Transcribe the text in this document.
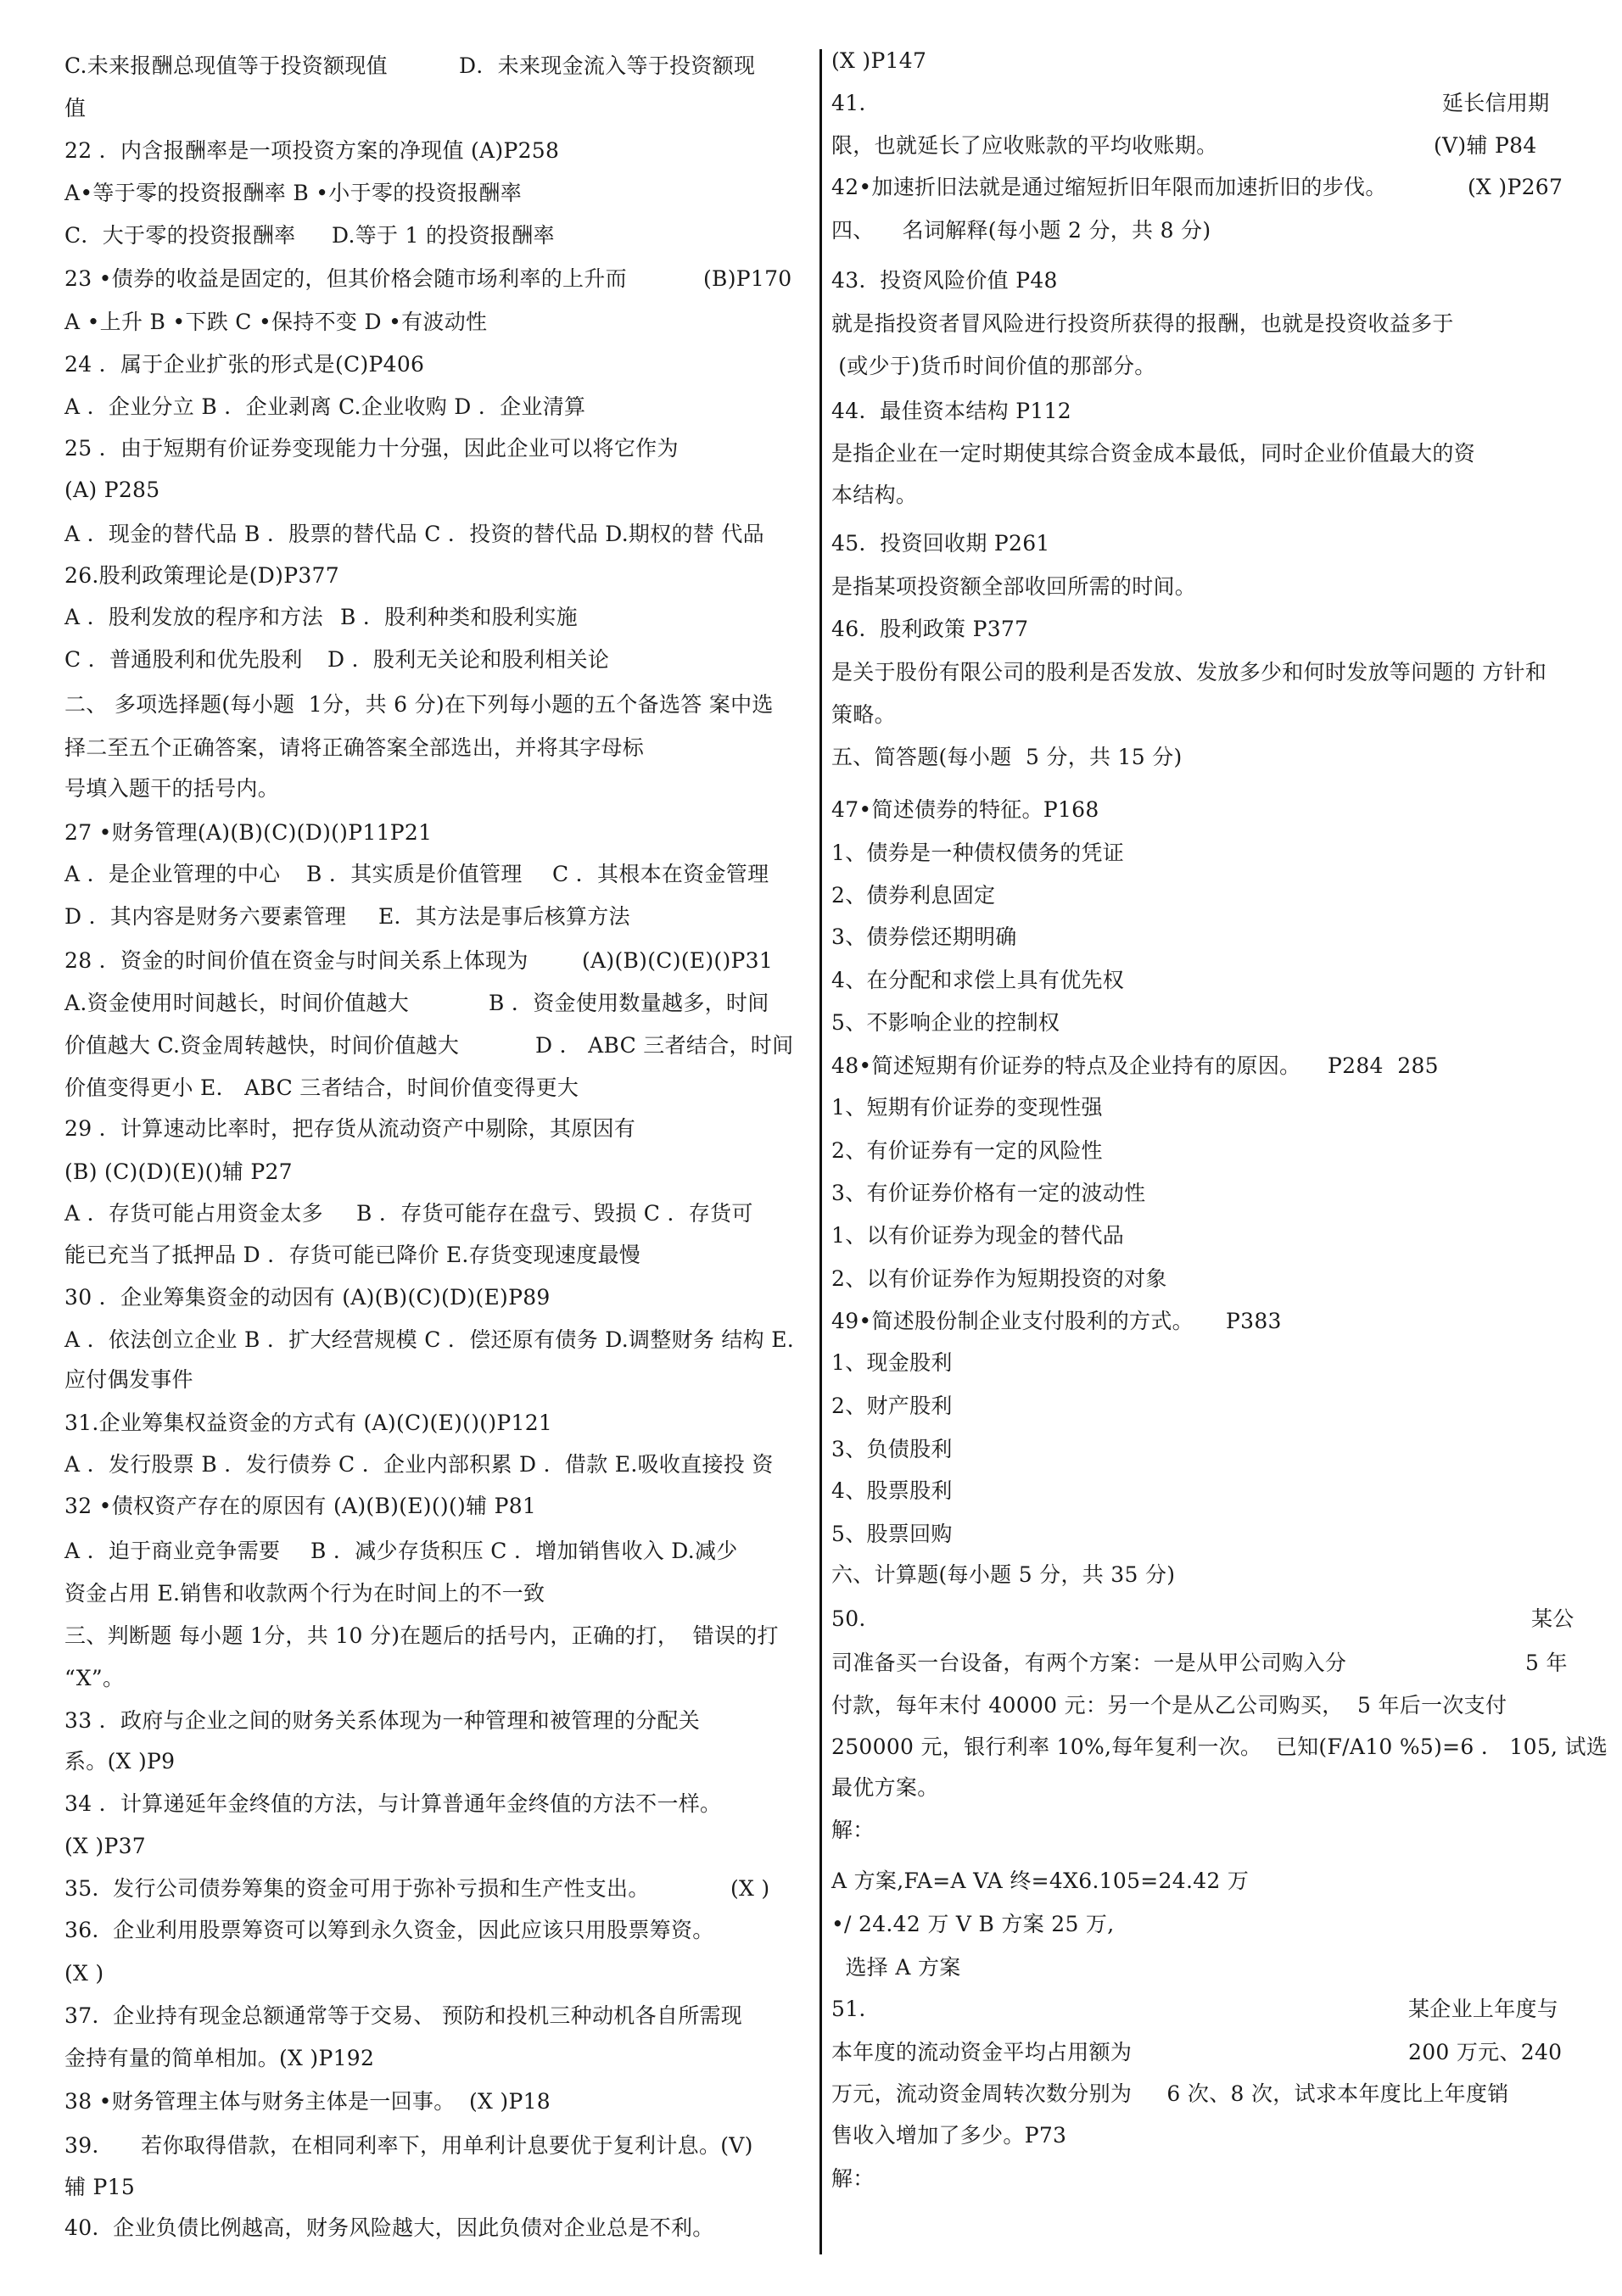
C.未来报酬总现值等于投资额现值	D．未来现金流入等于投资额现
值
22 ．内含报酬率是一项投资方案的净现值 (A)P258
A•等于零的投资报酬率 B •小于零的投资报酬率
C．大于零的投资报酬率 D.等于 1 的投资报酬率
23 •债券的收益是固定的，但其价格会随市场利率的上升而	(B)P170
A •上升 B •下跌 C •保持不变 D •有波动性
24 ．属于企业扩张的形式是(C)P406
A ．企业分立 B ．企业剥离 C.企业收购 D ．企业清算
25 ．由于短期有价证券变现能力十分强，因此企业可以将它作为
(A) P285
A ．现金的替代品 B ．股票的替代品 C ．投资的替代品 D.期权的替 代品
26.股利政策理论是(D)P377
A ．股利发放的程序和方法 B ．股利种类和股利实施
C ．普通股利和优先股利 D ．股利无关论和股利相关论
二、 多项选择题(每小题  1分，共 6 分)在下列每小题的五个备选答 案中选
择二至五个正确答案，请将正确答案全部选出，并将其字母标
号填入题干的括号内。
27 •财务管理(A)(B)(C)(D)()P11P21
A ．是企业管理的中心 B ．其实质是价值管理 C ．其根本在资金管理
D ．其内容是财务六要素管理 E．其方法是事后核算方法
28 ．资金的时间价值在资金与时间关系上体现为	(A)(B)(C)(E)()P31
A.资金使用时间越长，时间价值越大	B ．资金使用数量越多，时间
价值越大 C.资金周转越快，时间价值越大	D ． ABC 三者结合，时间
价值变得更小 E． ABC 三者结合，时间价值变得更大
29 ．计算速动比率时，把存货从流动资产中剔除，其原因有
(B) (C)(D)(E)()辅 P27
A ．存货可能占用资金太多 B ．存货可能存在盘亏、毁损 C ．存货可
能已充当了抵押品 D ．存货可能已降价 E.存货变现速度最慢
30 ．企业筹集资金的动因有 (A)(B)(C)(D)(E)P89
A ．依法创立企业 B ．扩大经营规模 C ．偿还原有债务 D.调整财务 结构 E.
应付偶发事件
31.企业筹集权益资金的方式有 (A)(C)(E)()()P121
A ．发行股票 B ．发行债券 C ．企业内部积累 D ．借款 E.吸收直接投 资
32 •债权资产存在的原因有 (A)(B)(E)()()辅 P81
A ．迫于商业竞争需要 B ．减少存货积压 C ．增加销售收入 D.减少
资金占用 E.销售和收款两个行为在时间上的不一致
三、判断题 每小题 1分，共 10 分)在题后的括号内，正确的打，  错误的打
“X”。
33 ．政府与企业之间的财务关系体现为一种管理和被管理的分配关
系。(X )P9
34 ．计算递延年金终值的方法，与计算普通年金终值的方法不一样。
(X )P37
35.  发行公司债券筹集的资金可用于弥补亏损和生产性支出。	(X )
36.  企业利用股票筹资可以筹到永久资金，因此应该只用股票筹资。
(X )
37.  企业持有现金总额通常等于交易、 预防和投机三种动机各自所需现
金持有量的简单相加。(X )P192
38 •财务管理主体与财务主体是一回事。  (X )P18
39.      若你取得借款，在相同利率下，用单利计息要优于复利计息。(V)
辅 P15
40.  企业负债比例越高，财务风险越大，因此负债对企业总是不利。
(X )P147
41.	延长信用期
限，也就延长了应收账款的平均收账期。	(V)辅 P84
42•加速折旧法就是通过缩短折旧年限而加速折旧的步伐。	(X )P267
四、    名词解释(每小题 2 分，共 8 分)
43.  投资风险价值 P48
就是指投资者冒风险进行投资所获得的报酬，也就是投资收益多于
(或少于)货币时间价值的那部分。
44.  最佳资本结构 P112
是指企业在一定时期使其综合资金成本最低，同时企业价值最大的资
本结构。
45.  投资回收期 P261
是指某项投资额全部收回所需的时间。
46.  股利政策 P377
是关于股份有限公司的股利是否发放、发放多少和何时发放等问题的 方针和
策略。
五、简答题(每小题  5 分，共 15 分)
47•简述债券的特征。P168
1、债券是一种债权债务的凭证
2、债券利息固定
3、债券偿还期明确
4、在分配和求偿上具有优先权
5、不影响企业的控制权
48•简述短期有价证券的特点及企业持有的原因。 P284  285
1、短期有价证券的变现性强
2、有价证券有一定的风险性
3、有价证券价格有一定的波动性
1、以有价证券为现金的替代品
2、以有价证券作为短期投资的对象
49•简述股份制企业支付股利的方式。 P383
1、现金股利
2、财产股利
3、负债股利
4、股票股利
5、股票回购
六、计算题(每小题 5 分，共 35 分)
50.	某公
司准备买一台设备，有两个方案：一是从甲公司购入分	5 年
付款，每年末付 40000 元：另一个是从乙公司购买，  5 年后一次支付
250000 元，银行利率 10%,每年复利一次。  已知(F/A10 %5)=6 ． 105, 试选
最优方案。
解：
A 方案,FA=A VA 终=4X6.105=24.42 万
•/ 24.42 万 V B 方案 25 万,
选择 A 方案
51.	某企业上年度与
本年度的流动资金平均占用额为	200 万元、240
万元，流动资金周转次数分别为     6 次、8 次，试求本年度比上年度销
售收入增加了多少。P73
解：
